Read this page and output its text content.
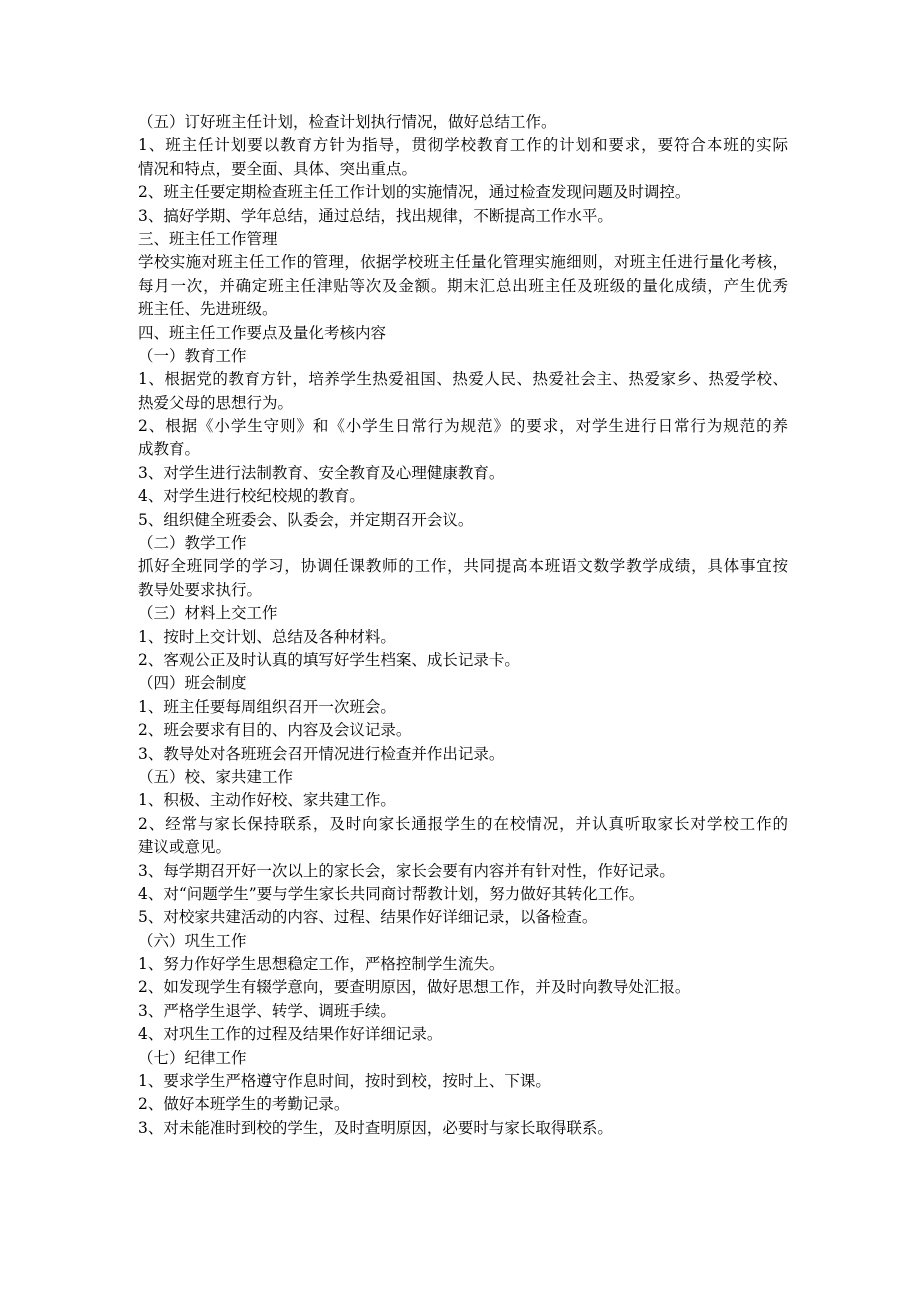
（五）订好班主任计划，检查计划执行情况，做好总结工作。
1、班主任计划要以教育方针为指导，贯彻学校教育工作的计划和要求，要符合本班的实际
情况和特点，要全面、具体、突出重点。
2、班主任要定期检查班主任工作计划的实施情况，通过检查发现问题及时调控。
3、搞好学期、学年总结，通过总结，找出规律，不断提高工作水平。
三、班主任工作管理
学校实施对班主任工作的管理，依据学校班主任量化管理实施细则，对班主任进行量化考核，
每月一次，并确定班主任津贴等次及金额。期末汇总出班主任及班级的量化成绩，产生优秀
班主任、先进班级。
四、班主任工作要点及量化考核内容
（一）教育工作
1、根据党的教育方针，培养学生热爱祖国、热爱人民、热爱社会主、热爱家乡、热爱学校、
热爱父母的思想行为。
2、根据《小学生守则》和《小学生日常行为规范》的要求，对学生进行日常行为规范的养
成教育。
3、对学生进行法制教育、安全教育及心理健康教育。
4、对学生进行校纪校规的教育。
5、组织健全班委会、队委会，并定期召开会议。
（二）教学工作
抓好全班同学的学习，协调任课教师的工作，共同提高本班语文数学教学成绩，具体事宜按
教导处要求执行。
（三）材料上交工作
1、按时上交计划、总结及各种材料。
2、客观公正及时认真的填写好学生档案、成长记录卡。
（四）班会制度
1、班主任要每周组织召开一次班会。
2、班会要求有目的、内容及会议记录。
3、教导处对各班班会召开情况进行检查并作出记录。
（五）校、家共建工作
1、积极、主动作好校、家共建工作。
2、经常与家长保持联系，及时向家长通报学生的在校情况，并认真听取家长对学校工作的
建议或意见。
3、每学期召开好一次以上的家长会，家长会要有内容并有针对性，作好记录。
4、对“问题学生”要与学生家长共同商讨帮教计划，努力做好其转化工作。
5、对校家共建活动的内容、过程、结果作好详细记录，以备检查。
（六）巩生工作
1、努力作好学生思想稳定工作，严格控制学生流失。
2、如发现学生有辍学意向，要查明原因，做好思想工作，并及时向教导处汇报。
3、严格学生退学、转学、调班手续。
4、对巩生工作的过程及结果作好详细记录。
（七）纪律工作
1、要求学生严格遵守作息时间，按时到校，按时上、下课。
2、做好本班学生的考勤记录。
3、对未能准时到校的学生，及时查明原因，必要时与家长取得联系。
